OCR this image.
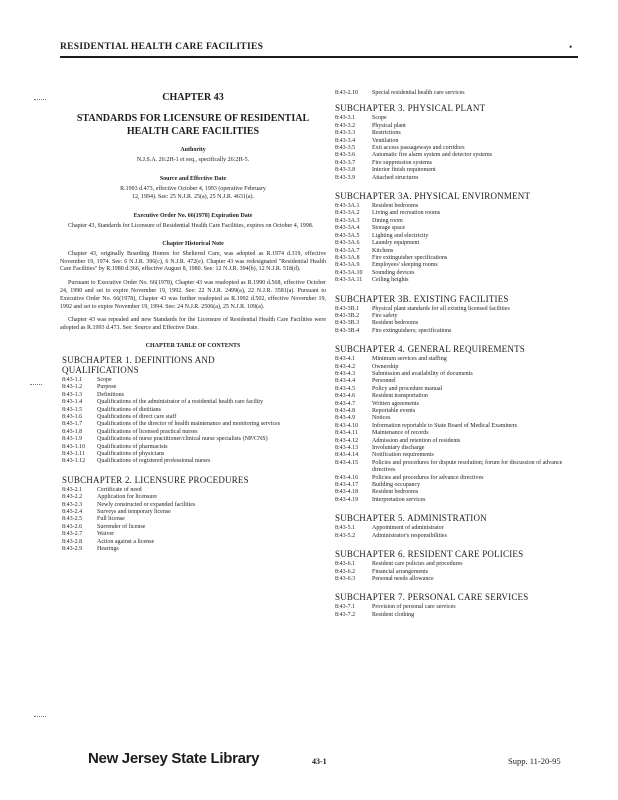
RESIDENTIAL HEALTH CARE FACILITIES	•
CHAPTER 43
STANDARDS FOR LICENSURE OF RESIDENTIAL HEALTH CARE FACILITIES
Authority
N.J.S.A. 26:2H-1 et seq., specifically 26:2H-5.
Source and Effective Date
R.1993 d.473, effective October 4, 1993 (operative February 12, 1994). See: 25 N.J.R. 25(a), 25 N.J.R. 4631(a).
Executive Order No. 66(1978) Expiration Date
Chapter 43, Standards for Licensure of Residential Health Care Facilities, expires on October 4, 1998.
Chapter Historical Note
Chapter 43, originally Boarding Homes for Sheltered Care, was adopted as R.1974 d.319, effective November 19, 1974. See: 6 N.J.R. 396(c), 6 N.J.R. 472(e). Chapter 43 was redesignated "Residential Health Care Facilities" by R.1980 d.366, effective August 8, 1980. See: 12 N.J.R. 394(b), 12 N.J.R. 518(d).
Pursuant to Executive Order No. 66(1978), Chapter 43 was readopted as R.1990 d.568, effective October 24, 1990 and set to expire November 19, 1992. See: 22 N.J.R. 2499(a), 22 N.J.R. 3581(a). Pursuant to Executive Order No. 66(1978), Chapter 43 was further readopted as R.1992 d.502, effective November 19, 1992 and set to expire November 19, 1994. See: 24 N.J.R. 2506(a), 25 N.J.R. 109(a).
Chapter 43 was repealed and new Standards for the Licensure of Residential Health Care Facilities were adopted as R.1993 d.473. See: Source and Effective Date.
CHAPTER TABLE OF CONTENTS
SUBCHAPTER 1. DEFINITIONS AND QUALIFICATIONS
8:43-1.1	Scope
8:43-1.2	Purpose
8:43-1.3	Definitions
8:43-1.4	Qualifications of the administrator of a residential health care facility
8:43-1.5	Qualifications of dietitians
8:43-1.6	Qualifications of direct care staff
8:43-1.7	Qualifications of the director of health maintenance and monitoring services
8:43-1.8	Qualifications of licensed practical nurses
8:43-1.9	Qualifications of nurse practitioner/clinical nurse specialists (NP/CNS)
8:43-1.10	Qualifications of pharmacists
8:43-1.11	Qualifications of physicians
8:43-1.12	Qualifications of registered professional nurses
SUBCHAPTER 2. LICENSURE PROCEDURES
8:43-2.1	Certificate of need
8:43-2.2	Application for licensure
8:43-2.3	Newly constructed or expanded facilities
8:43-2.4	Surveys and temporary license
8:43-2.5	Full license
8:43-2.6	Surrender of license
8:43-2.7	Waiver
8:43-2.8	Action against a license
8:43-2.9	Hearings
8:43-2.10	Special residential health care services
SUBCHAPTER 3. PHYSICAL PLANT
8:43-3.1	Scope
8:43-3.2	Physical plant
8:43-3.3	Restrictions
8:43-3.4	Ventilation
8:43-3.5	Exit access passageways and corridors
8:43-3.6	Automatic fire alarm system and detector systems
8:43-3.7	Fire suppression systems
8:43-3.8	Interior finish requirement
8:43-3.9	Attached structures
SUBCHAPTER 3A. PHYSICAL ENVIRONMENT
8:43-3A.1	Resident bedrooms
8:43-3A.2	Living and recreation rooms
8:43-3A.3	Dining room
8:43-3A.4	Storage space
8:43-3A.5	Lighting and electricity
8:43-3A.6	Laundry equipment
8:43-3A.7	Kitchens
8:43-3A.8	Fire extinguisher specifications
8:43-3A.9	Employees' sleeping rooms
8:43-3A.10	Sounding devices
8:43-3A.11	Ceiling heights
SUBCHAPTER 3B. EXISTING FACILITIES
8:43-3B.1	Physical plant standards for all existing licensed facilities
8:43-3B.2	Fire safety
8:43-3B.3	Resident bedrooms
8:43-3B.4	Fire extinguishers; specifications
SUBCHAPTER 4. GENERAL REQUIREMENTS
8:43-4.1	Minimum services and staffing
8:43-4.2	Ownership
8:43-4.3	Submission and availability of documents
8:43-4.4	Personnel
8:43-4.5	Policy and procedure manual
8:43-4.6	Resident transportation
8:43-4.7	Written agreements
8:43-4.8	Reportable events
8:43-4.9	Notices
8:43-4.10	Information reportable to State Board of Medical Examiners
8:43-4.11	Maintenance of records
8:43-4.12	Admission and retention of residents
8:43-4.13	Involuntary discharge
8:43-4.14	Notification requirements
8:43-4.15	Policies and procedures for dispute resolution; forum for discussion of advance directives
8:43-4.16	Policies and procedures for advance directives
8:43-4.17	Building occupancy
8:43-4.18	Resident bedrooms
8:43-4.19	Interpretation services
SUBCHAPTER 5. ADMINISTRATION
8:43-5.1	Appointment of administrator
8:43-5.2	Administrator's responsibilities
SUBCHAPTER 6. RESIDENT CARE POLICIES
8:43-6.1	Resident care policies and procedures
8:43-6.2	Financial arrangements
8:43-6.3	Personal needs allowance
SUBCHAPTER 7. PERSONAL CARE SERVICES
8:43-7.1	Provision of personal care services
8:43-7.2	Resident clothing
New Jersey State Library	43-1	Supp. 11-20-95
